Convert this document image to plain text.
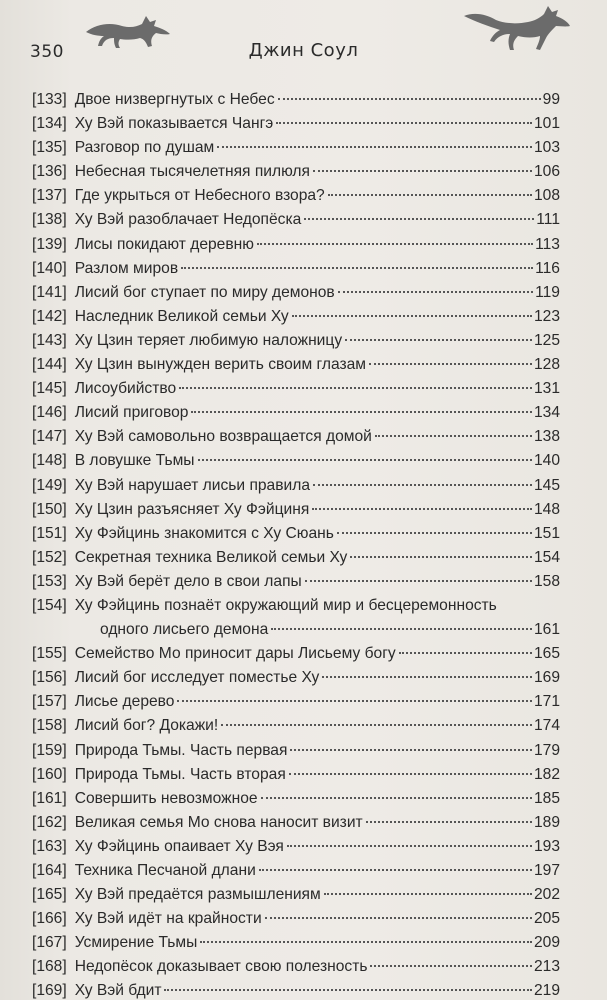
350	Джин Соул
[133] Двое низвергнутых с Небес	99
[134] Ху Вэй показывается Чангэ	101
[135] Разговор по душам	103
[136] Небесная тысячелетняя пилюля	106
[137] Где укрыться от Небесного взора?	108
[138] Ху Вэй разоблачает Недопёска	111
[139] Лисы покидают деревню	113
[140] Разлом миров	116
[141] Лисий бог ступает по миру демонов	119
[142] Наследник Великой семьи Ху	123
[143] Ху Цзин теряет любимую наложницу	125
[144] Ху Цзин вынужден верить своим глазам	128
[145] Лисоубийство	131
[146] Лисий приговор	134
[147] Ху Вэй самовольно возвращается домой	138
[148] В ловушке Тьмы	140
[149] Ху Вэй нарушает лисьи правила	145
[150] Ху Цзин разъясняет Ху Фэйциня	148
[151] Ху Фэйцинь знакомится с Ху Сюань	151
[152] Секретная техника Великой семьи Ху	154
[153] Ху Вэй берёт дело в свои лапы	158
[154] Ху Фэйцинь познаёт окружающий мир и бесцеремонность
одного лисьего демона	161
[155] Семейство Мо приносит дары Лисьему богу	165
[156] Лисий бог исследует поместье Ху	169
[157] Лисье дерево	171
[158] Лисий бог? Докажи!	174
[159] Природа Тьмы. Часть первая	179
[160] Природа Тьмы. Часть вторая	182
[161] Совершить невозможное	185
[162] Великая семья Мо снова наносит визит	189
[163] Ху Фэйцинь опаивает Ху Вэя	193
[164] Техника Песчаной длани	197
[165] Ху Вэй предаётся размышлениям	202
[166] Ху Вэй идёт на крайности	205
[167] Усмирение Тьмы	209
[168] Недопёсок доказывает свою полезность	213
[169] Ху Вэй бдит	219
